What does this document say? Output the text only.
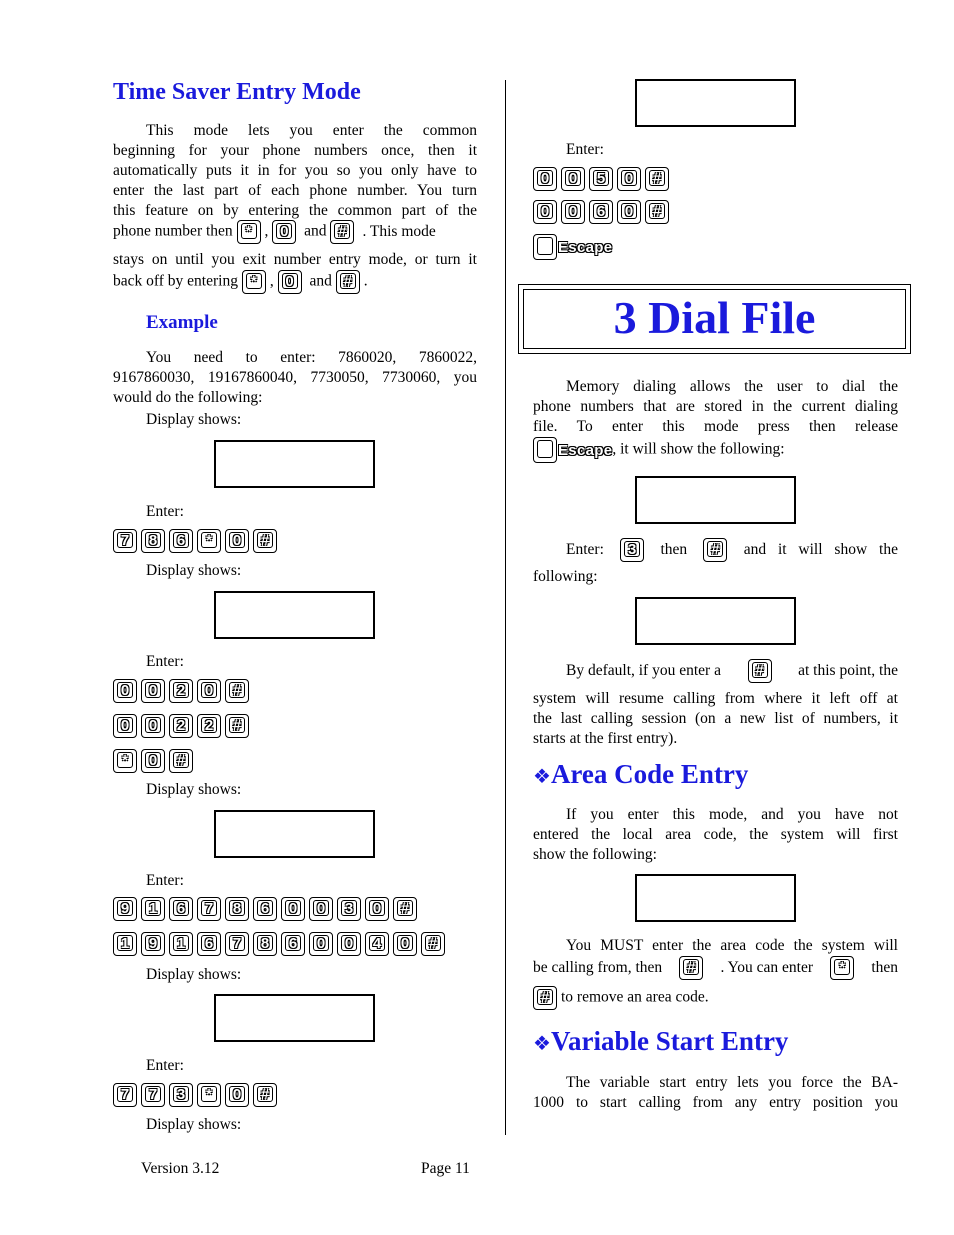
Time Saver Entry Mode

This mode lets you enter the common

beginning for your phone numbers once, then it

automatically puts it in for you so you only have to

enter the last part of each phone number. You turn

this feature on by entering the common part of the

phone number then * , 0 and # . This mode

stays on until you exit number entry mode, or turn it

back off by entering * , 0 and # .
Example

You need to enter: 7860020, 7860022,

9167860030, 19167860040, 7730050, 7730060, you

would do the following:

Display shows:
Enter:
7 8 6	*	0 #
Display shows:
Enter:
0 0 2 0 #
0 0 2 2 #
*	0 #
Display shows:
Enter:
9 1 6 7 8 6 0 0 3 0 #
1 9 1 6 7 8 6 0 0 4 0 #
Display shows:
Enter:
7 7 3	*	0 #
Display shows:
Enter:
0 0 5 0 #
0 0 6 0 #
Escape
3 Dial File

Memory dialing allows the user to dial the

phone numbers that are stored in the current dialing

file. To enter this mode press then release

Escape , it will show the following:
Enter: 3 then # and it will show the
following:
By default, if you enter a # at this point, the

system will resume calling from where it left off at

the last calling session (on a new list of numbers, it

starts at the first entry).

❖Area Code Entry

If you enter this mode, and you have not

entered the local area code, the system will first

show the following:

You MUST enter the area code the system will

be calling from, then # . You can enter	*	then
# to remove an area code.
❖Variable Start Entry

The variable start entry lets you force the BA-

1000 to start calling from any entry position you

Version 3.12	Page 11
